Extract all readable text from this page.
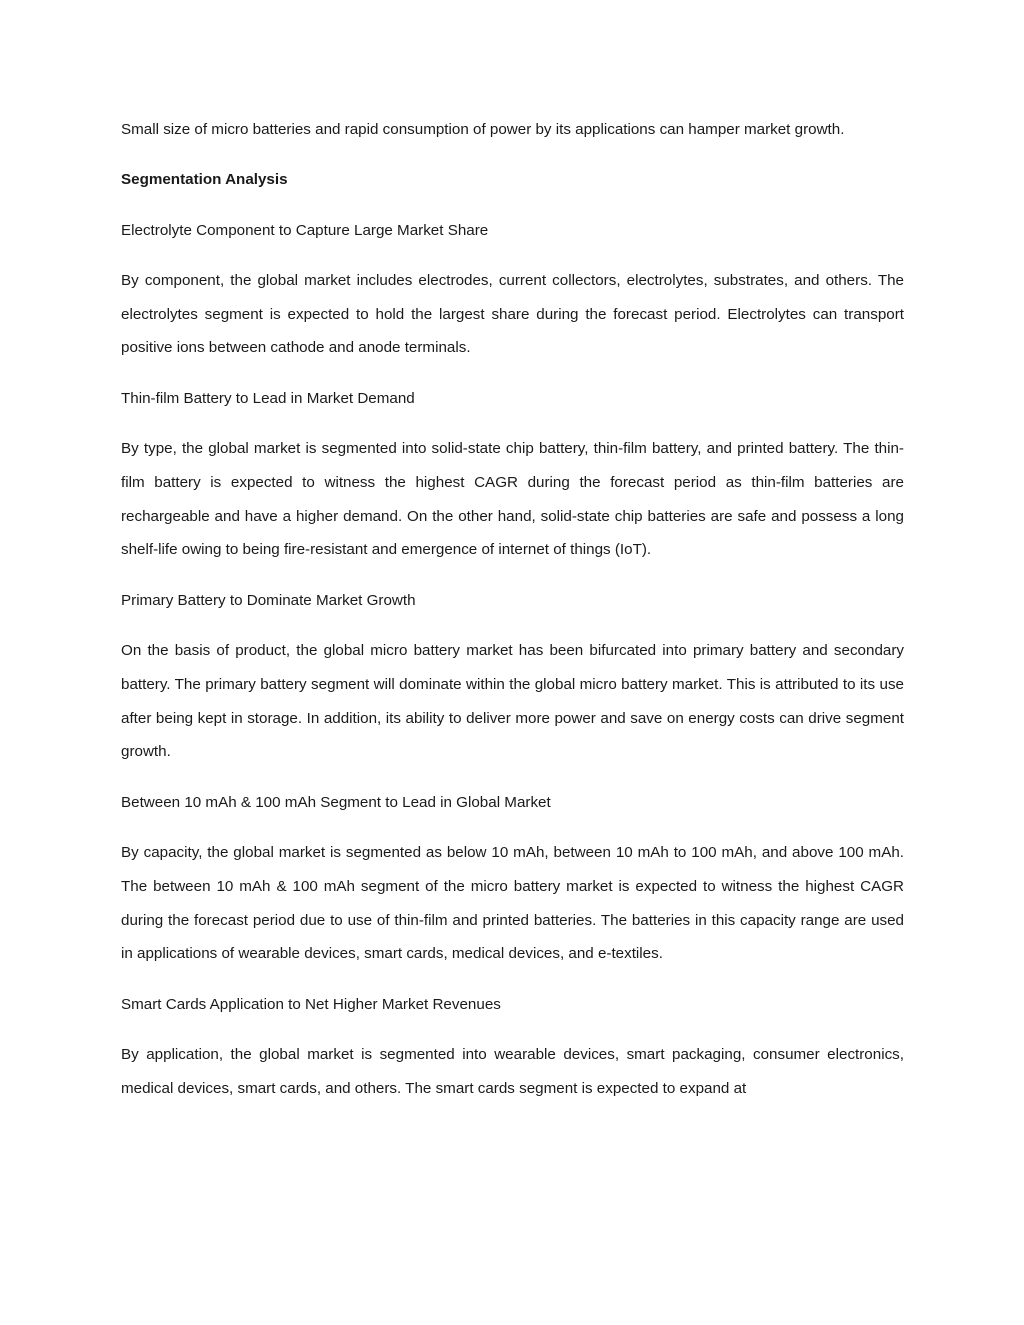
Small size of micro batteries and rapid consumption of power by its applications can hamper market growth.

Segmentation Analysis

Electrolyte Component to Capture Large Market Share

By component, the global market includes electrodes, current collectors, electrolytes, substrates, and others. The electrolytes segment is expected to hold the largest share during the forecast period. Electrolytes can transport positive ions between cathode and anode terminals.

Thin-film Battery to Lead in Market Demand

By type, the global market is segmented into solid-state chip battery, thin-film battery, and printed battery. The thin-film battery is expected to witness the highest CAGR during the forecast period as thin-film batteries are rechargeable and have a higher demand. On the other hand, solid-state chip batteries are safe and possess a long shelf-life owing to being fire-resistant and emergence of internet of things (IoT).

Primary Battery to Dominate Market Growth

On the basis of product, the global micro battery market has been bifurcated into primary battery and secondary battery. The primary battery segment will dominate within the global micro battery market. This is attributed to its use after being kept in storage. In addition, its ability to deliver more power and save on energy costs can drive segment growth.

Between 10 mAh & 100 mAh Segment to Lead in Global Market

By capacity, the global market is segmented as below 10 mAh, between 10 mAh to 100 mAh, and above 100 mAh. The between 10 mAh & 100 mAh segment of the micro battery market is expected to witness the highest CAGR during the forecast period due to use of thin-film and printed batteries. The batteries in this capacity range are used in applications of wearable devices, smart cards, medical devices, and e-textiles.

Smart Cards Application to Net Higher Market Revenues

By application, the global market is segmented into wearable devices, smart packaging, consumer electronics, medical devices, smart cards, and others. The smart cards segment is expected to expand at
